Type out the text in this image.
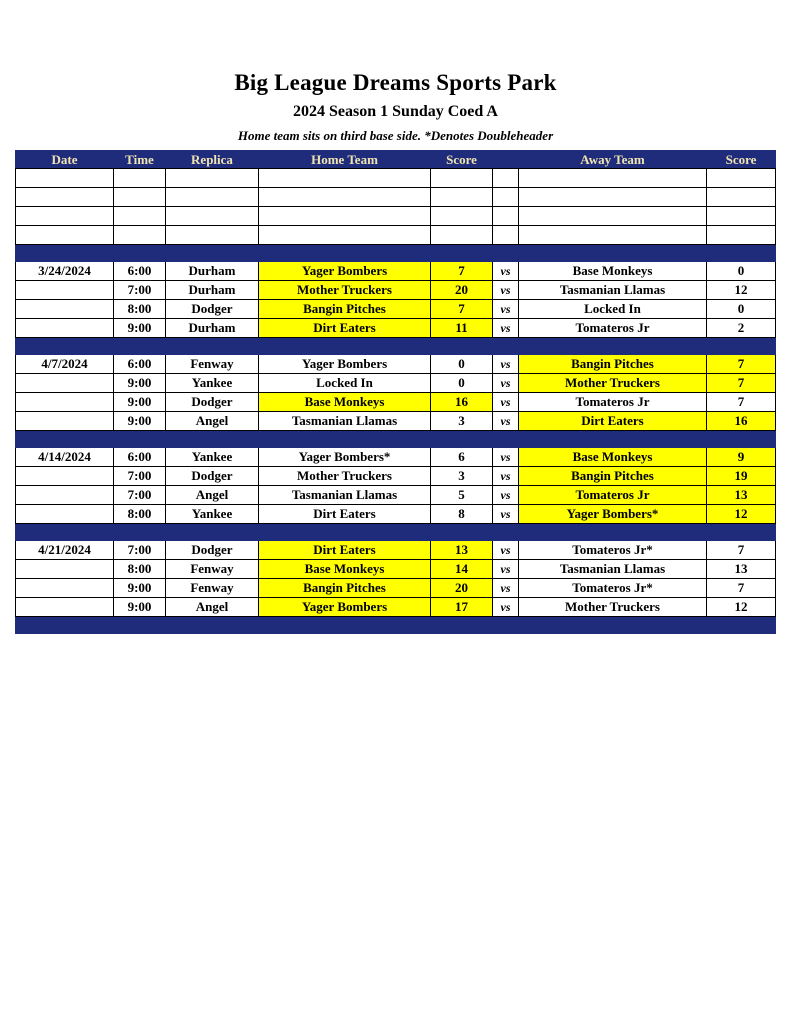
Big League Dreams Sports Park
2024 Season 1 Sunday Coed A
Home team sits on third base side. *Denotes Doubleheader
Date	Time	Replica	Home Team	Score		Away Team	Score

3/24/2024	6:00	Durham	Yager Bombers	7	vs	Base Monkeys	0
	7:00	Durham	Mother Truckers	20	vs	Tasmanian Llamas	12
	8:00	Dodger	Bangin Pitches	7	vs	Locked In	0
	9:00	Durham	Dirt Eaters	11	vs	Tomateros Jr	2

4/7/2024	6:00	Fenway	Yager Bombers	0	vs	Bangin Pitches	7
	9:00	Yankee	Locked In	0	vs	Mother Truckers	7
	9:00	Dodger	Base Monkeys	16	vs	Tomateros Jr	7
	9:00	Angel	Tasmanian Llamas	3	vs	Dirt Eaters	16

4/14/2024	6:00	Yankee	Yager Bombers*	6	vs	Base Monkeys	9
	7:00	Dodger	Mother Truckers	3	vs	Bangin Pitches	19
	7:00	Angel	Tasmanian Llamas	5	vs	Tomateros Jr	13
	8:00	Yankee	Dirt Eaters	8	vs	Yager Bombers*	12

4/21/2024	7:00	Dodger	Dirt Eaters	13	vs	Tomateros Jr*	7
	8:00	Fenway	Base Monkeys	14	vs	Tasmanian Llamas	13
	9:00	Fenway	Bangin Pitches	20	vs	Tomateros Jr*	7
	9:00	Angel	Yager Bombers	17	vs	Mother Truckers	12
